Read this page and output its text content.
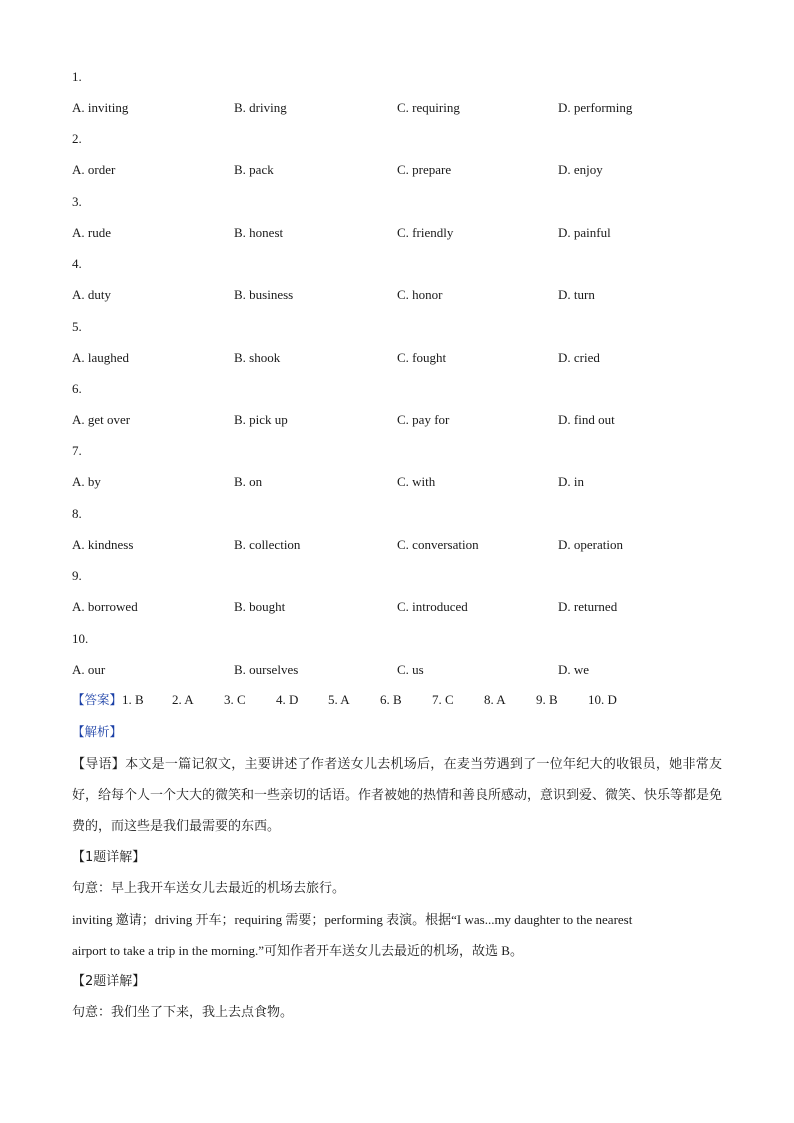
1.
A. inviting	B. driving	C. requiring	D. performing
2.
A. order	B. pack	C. prepare	D. enjoy
3.
A. rude	B. honest	C. friendly	D. painful
4.
A. duty	B. business	C. honor	D. turn
5.
A. laughed	B. shook	C. fought	D. cried
6.
A. get over	B. pick up	C. pay for	D. find out
7.
A. by	B. on	C. with	D. in
8.
A. kindness	B. collection	C. conversation	D. operation
9.
A. borrowed	B. bought	C. introduced	D. returned
10.
A. our	B. ourselves	C. us	D. we
【答案】1. B 2. A 3. C 4. D 5. A 6. B 7. C 8. A 9. B 10. D
【解析】
【导语】本文是一篇记叙文，主要讲述了作者送女儿去机场后，在麦当劳遇到了一位年纪大的收银员，她非常友好，给每个人一个大大的微笑和一些亲切的话语。作者被她的热情和善良所感动，意识到爱、微笑、快乐等都是免费的，而这些是我们最需要的东西。
【1题详解】
句意：早上我开车送女儿去最近的机场去旅行。
inviting 邀请；driving 开车；requiring 需要；performing 表演。根据“I was...my daughter to the nearest
airport to take a trip in the morning.”可知作者开车送女儿去最近的机场，故选 B。
【2题详解】
句意：我们坐了下来，我上去点食物。
